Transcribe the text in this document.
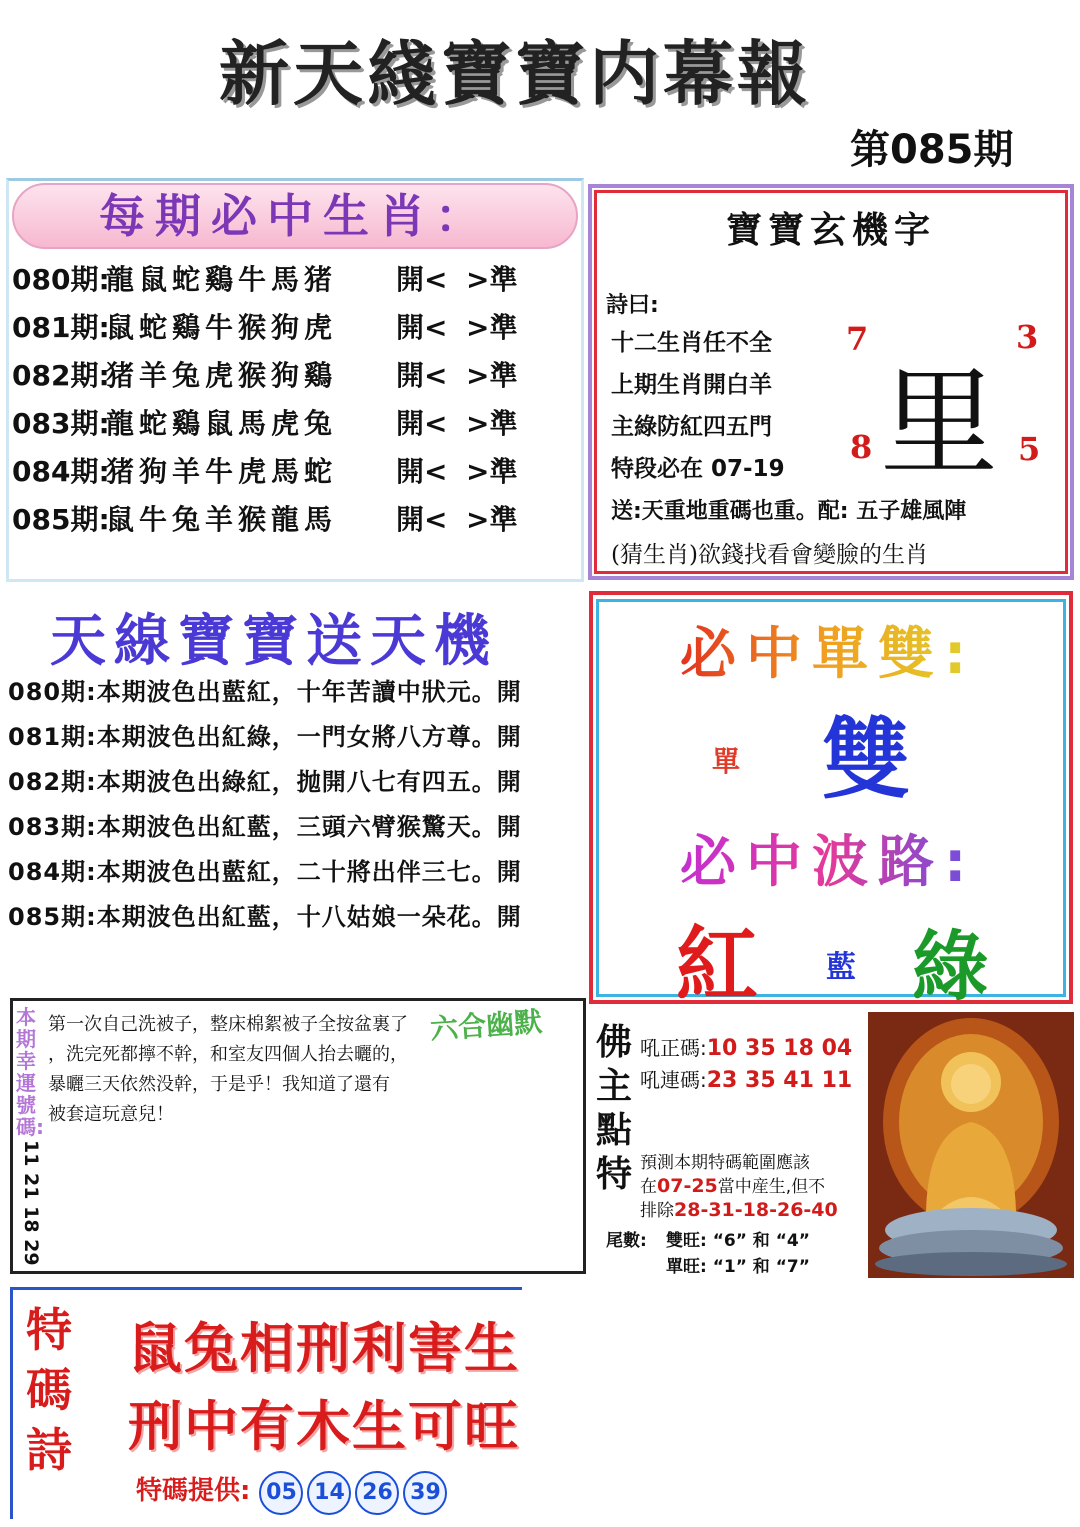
新天綫寶寶内幕報
第085期
每期必中生肖：
080期:龍鼠蛇鷄牛馬猪 開< >準
081期:鼠蛇鷄牛猴狗虎 開< >準
082期:猪羊兔虎猴狗鷄 開< >準
083期:龍蛇鷄鼠馬虎兔 開< >準
084期:猪狗羊牛虎馬蛇 開< >準
085期:鼠牛兔羊猴龍馬 開< >準
寶寶玄機字
詩曰:
十二生肖任不全
上期生肖開白羊
主綠防紅四五門
特段必在 07-19 里
7	3
8	5
送:天重地重碼也重。配: 五子雄風陣
(猜生肖)欲錢找看會變臉的生肖
天線寶寶送天機
080期:本期波色出藍紅，十年苦讀中狀元。開
081期:本期波色出紅綠，一門女將八方尊。開
082期:本期波色出綠紅，抛開八七有四五。開
083期:本期波色出紅藍，三頭六臂猴驚天。開
084期:本期波色出藍紅，二十將出伴三七。開
085期:本期波色出紅藍，十八姑娘一朵花。開
必中單雙:
單 雙
必中波路:
紅 藍 綠
本期幸運號碼:
11 21 18 29
第一次自己洗被子，整床棉絮被子全按盆裏了
，洗完死都擰不幹，和室友四個人抬去曬的，
暴曬三天依然没幹，于是乎！我知道了還有
被套這玩意兒！
六合幽默 佛主點特
吼正碼:10 35 18 04
吼連碼:23 35 41 11
預測本期特碼範圍應該
在07-25當中産生,但不
排除28-31-18-26-40
尾數: 雙旺: “6” 和 “4”
單旺: “1” 和 “7”
特碼詩
鼠兔相刑利害生
刑中有木生可旺
特碼提供: 05 14 26 39
